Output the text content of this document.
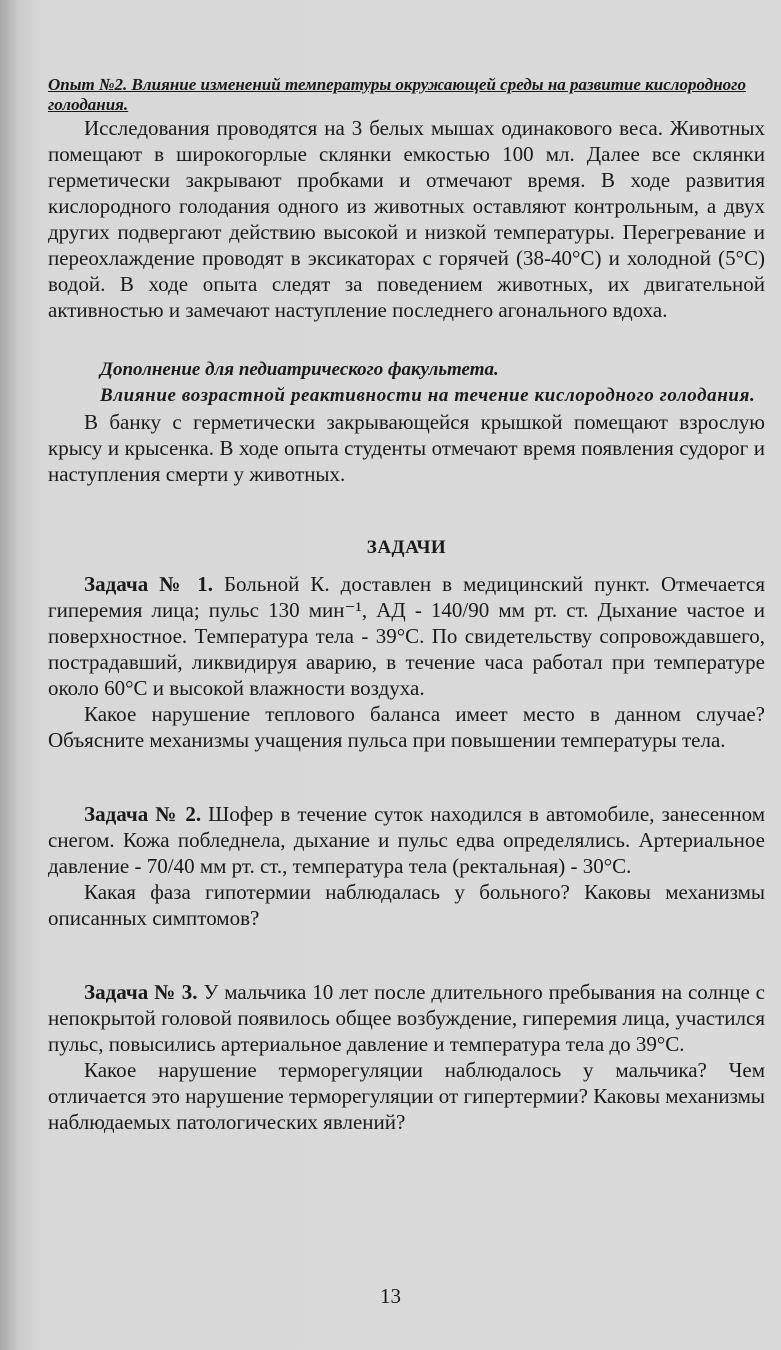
Опыт №2. Влияние изменений температуры окружающей среды на развитие кислородного голодания.

Исследования проводятся на 3 белых мышах одинакового веса. Животных помещают в широкогорлые склянки емкостью 100 мл. Далее все склянки герметически закрывают пробками и отмечают время. В ходе развития кислородного голодания одного из животных оставляют контрольным, а двух других подвергают действию высокой и низкой температуры. Перегревание и переохлаждение проводят в эксикаторах с горячей (38-40°С) и холодной (5°С) водой. В ходе опыта следят за поведением животных, их двигательной активностью и замечают наступление последнего агонального вдоха.

Дополнение для педиатрического факультета.

Влияние возрастной реактивности на течение кислородного голодания.

В банку с герметически закрывающейся крышкой помещают взрослую крысу и крысенка. В ходе опыта студенты отмечают время появления судорог и наступления смерти у животных.

ЗАДАЧИ

Задача № 1. Больной К. доставлен в медицинский пункт. Отмечается гиперемия лица; пульс 130 мин⁻¹, АД - 140/90 мм рт. ст. Дыхание частое и поверхностное. Температура тела - 39°С. По свидетельству сопровождавшего, пострадавший, ликвидируя аварию, в течение часа работал при температуре около 60°С и высокой влажности воздуха.

Какое нарушение теплового баланса имеет место в данном случае? Объясните механизмы учащения пульса при повышении температуры тела.

Задача № 2. Шофер в течение суток находился в автомобиле, занесенном снегом. Кожа побледнела, дыхание и пульс едва определялись. Артериальное давление - 70/40 мм рт. ст., температура тела (ректальная) - 30°С.

Какая фаза гипотермии наблюдалась у больного? Каковы механизмы описанных симптомов?

Задача № 3. У мальчика 10 лет после длительного пребывания на солнце с непокрытой головой появилось общее возбуждение, гиперемия лица, участился пульс, повысились артериальное давление и температура тела до 39°С.

Какое нарушение терморегуляции наблюдалось у мальчика? Чем отличается это нарушение терморегуляции от гипертермии? Каковы механизмы наблюдаемых патологических явлений?

13
